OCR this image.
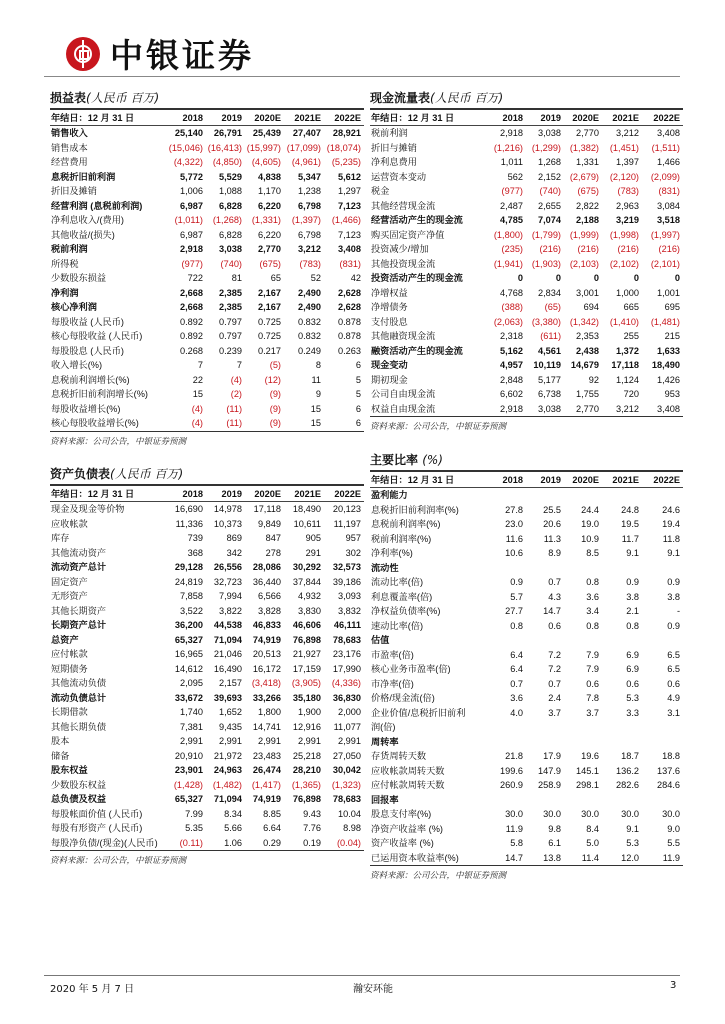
中银证券
损益表(人民币 百万)
年结日：12 月 31 日	2018	2019	2020E	2021E	2022E
销售收入	25,140	26,791	25,439	27,407	28,921
销售成本	(15,046)	(16,413)	(15,997)	(17,099)	(18,074)
经营费用	(4,322)	(4,850)	(4,605)	(4,961)	(5,235)
息税折旧前利润	5,772	5,529	4,838	5,347	5,612
折旧及摊销	1,006	1,088	1,170	1,238	1,297
经营利润 (息税前利润)	6,987	6,828	6,220	6,798	7,123
净利息收入/(费用)	(1,011)	(1,268)	(1,331)	(1,397)	(1,466)
其他收益/(损失)	6,987	6,828	6,220	6,798	7,123
税前利润	2,918	3,038	2,770	3,212	3,408
所得税	(977)	(740)	(675)	(783)	(831)
少数股东损益	722	81	65	52	42
净利润	2,668	2,385	2,167	2,490	2,628
核心净利润	2,668	2,385	2,167	2,490	2,628
每股收益 (人民币)	0.892	0.797	0.725	0.832	0.878
核心每股收益 (人民币)	0.892	0.797	0.725	0.832	0.878
每股股息 (人民币)	0.268	0.239	0.217	0.249	0.263
收入增长(%)	7	7	(5)	8	6
息税前利润增长(%)	22	(4)	(12)	11	5
息税折旧前利润增长(%)	15	(2)	(9)	9	5
每股收益增长(%)	(4)	(11)	(9)	15	6
核心每股收益增长(%)	(4)	(11)	(9)	15	6
资料来源：公司公告，中银证券预测
资产负债表(人民币 百万)
年结日：12 月 31 日	2018	2019	2020E	2021E	2022E
现金及现金等价物	16,690	14,978	17,118	18,490	20,123
应收帐款	11,336	10,373	9,849	10,611	11,197
库存	739	869	847	905	957
其他流动资产	368	342	278	291	302
流动资产总计	29,128	26,556	28,086	30,292	32,573
固定资产	24,819	32,723	36,440	37,844	39,186
无形资产	7,858	7,994	6,566	4,932	3,093
其他长期资产	3,522	3,822	3,828	3,830	3,832
长期资产总计	36,200	44,538	46,833	46,606	46,111
总资产	65,327	71,094	74,919	76,898	78,683
应付帐款	16,965	21,046	20,513	21,927	23,176
短期债务	14,612	16,490	16,172	17,159	17,990
其他流动负债	2,095	2,157	(3,418)	(3,905)	(4,336)
流动负债总计	33,672	39,693	33,266	35,180	36,830
长期借款	1,740	1,652	1,800	1,900	2,000
其他长期负债	7,381	9,435	14,741	12,916	11,077
股本	2,991	2,991	2,991	2,991	2,991
储备	20,910	21,972	23,483	25,218	27,050
股东权益	23,901	24,963	26,474	28,210	30,042
少数股东权益	(1,428)	(1,482)	(1,417)	(1,365)	(1,323)
总负债及权益	65,327	71,094	74,919	76,898	78,683
每股帐面价值 (人民币)	7.99	8.34	8.85	9.43	10.04
每股有形资产 (人民币)	5.35	5.66	6.64	7.76	8.98
每股净负债/(现金)(人民币)	(0.11)	1.06	0.29	0.19	(0.04)
资料来源：公司公告，中银证券预测
现金流量表(人民币 百万)
年结日：12 月 31 日	2018	2019	2020E	2021E	2022E
税前利润	2,918	3,038	2,770	3,212	3,408
折旧与摊销	(1,216)	(1,299)	(1,382)	(1,451)	(1,511)
净利息费用	1,011	1,268	1,331	1,397	1,466
运营资本变动	562	2,152	(2,679)	(2,120)	(2,099)
税金	(977)	(740)	(675)	(783)	(831)
其他经营现金流	2,487	2,655	2,822	2,963	3,084
经营活动产生的现金流	4,785	7,074	2,188	3,219	3,518
购买固定资产净值	(1,800)	(1,799)	(1,999)	(1,998)	(1,997)
投资减少/增加	(235)	(216)	(216)	(216)	(216)
其他投资现金流	(1,941)	(1,903)	(2,103)	(2,102)	(2,101)
投资活动产生的现金流	0	0	0	0	0
净增权益	4,768	2,834	3,001	1,000	1,001
净增债务	(388)	(65)	694	665	695
支付股息	(2,063)	(3,380)	(1,342)	(1,410)	(1,481)
其他融资现金流	2,318	(611)	2,353	255	215
融资活动产生的现金流	5,162	4,561	2,438	1,372	1,633
现金变动	4,957	10,119	14,679	17,118	18,490
期初现金	2,848	5,177	92	1,124	1,426
公司自由现金流	6,602	6,738	1,755	720	953
权益自由现金流	2,918	3,038	2,770	3,212	3,408
资料来源：公司公告，中银证券预测
主要比率 (%)
年结日：12 月 31 日	2018	2019	2020E	2021E	2022E
盈利能力					
息税折旧前利润率(%)	27.8	25.5	24.4	24.8	24.6
息税前利润率(%)	23.0	20.6	19.0	19.5	19.4
税前利润率(%)	11.6	11.3	10.9	11.7	11.8
净利率(%)	10.6	8.9	8.5	9.1	9.1
流动性					
流动比率(倍)	0.9	0.7	0.8	0.9	0.9
利息覆盖率(倍)	5.7	4.3	3.6	3.8	3.8
净权益负债率(%)	27.7	14.7	3.4	2.1	-
速动比率(倍)	0.8	0.6	0.8	0.8	0.9
估值					
市盈率(倍)	6.4	7.2	7.9	6.9	6.5
核心业务市盈率(倍)	6.4	7.2	7.9	6.9	6.5
市净率(倍)	0.7	0.7	0.6	0.6	0.6
价格/现金流(倍)	3.6	2.4	7.8	5.3	4.9
企业价值/息税折旧前利	4.0	3.7	3.7	3.3	3.1
润(倍)					
周转率					
存货周转天数	21.8	17.9	19.6	18.7	18.8
应收帐款周转天数	199.6	147.9	145.1	136.2	137.6
应付帐款周转天数	260.9	258.9	298.1	282.6	284.6
回报率					
股息支付率(%)	30.0	30.0	30.0	30.0	30.0
净资产收益率 (%)	11.9	9.8	8.4	9.1	9.0
资产收益率 (%)	5.8	6.1	5.0	5.3	5.5
已运用资本收益率(%)	14.7	13.8	11.4	12.0	11.9
资料来源：公司公告，中银证券预测
2020 年 5 月 7 日	瀚安环能	3
